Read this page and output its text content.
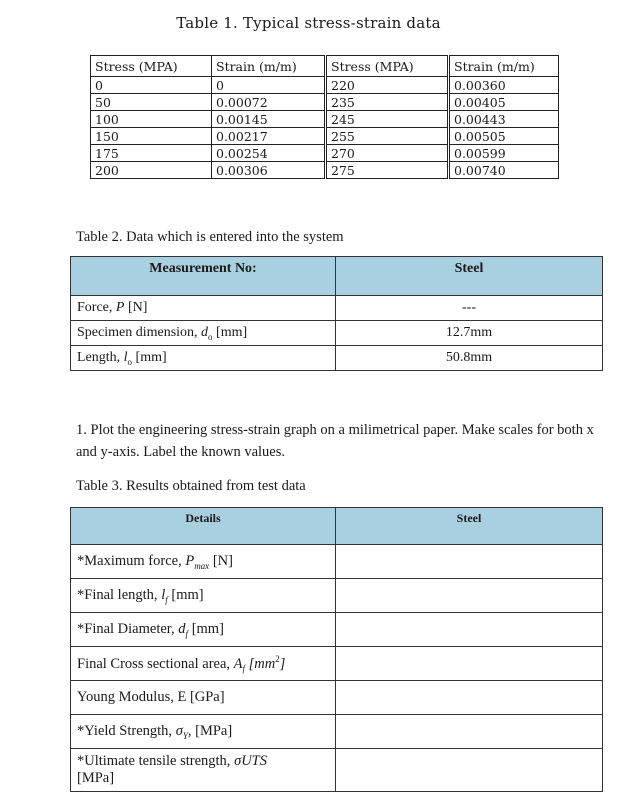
Table 1. Typical stress-strain data
Stress (MPA)	Strain (m/m)	Stress (MPA)	Strain (m/m)
0	0	220	0.00360
50	0.00072	235	0.00405
100	0.00145	245	0.00443
150	0.00217	255	0.00505
175	0.00254	270	0.00599
200	0.00306	275	0.00740
Table 2. Data which is entered into the system
Measurement No:	Steel
Force, P [N]	---
Specimen dimension, $d_o$ [mm]	12.7mm
Length, $l_o$ [mm]	50.8mm
1. Plot the engineering stress-strain graph on a milimetrical paper. Make scales for both x and y-axis. Label the known values.
Table 3. Results obtained from test data
Details	Steel
*Maximum force, $P_{max}$ [N]	
*Final length, $l_f$ [mm]	
*Final Diameter, $d_f$ [mm]	
Final Cross sectional area, $A_f$ $[mm^2]$	
Young Modulus, E [GPa]	
*Yield Strength, $\sigma_Y$, [MPa]	
*Ultimate tensile strength, σUTS
[MPa]	
